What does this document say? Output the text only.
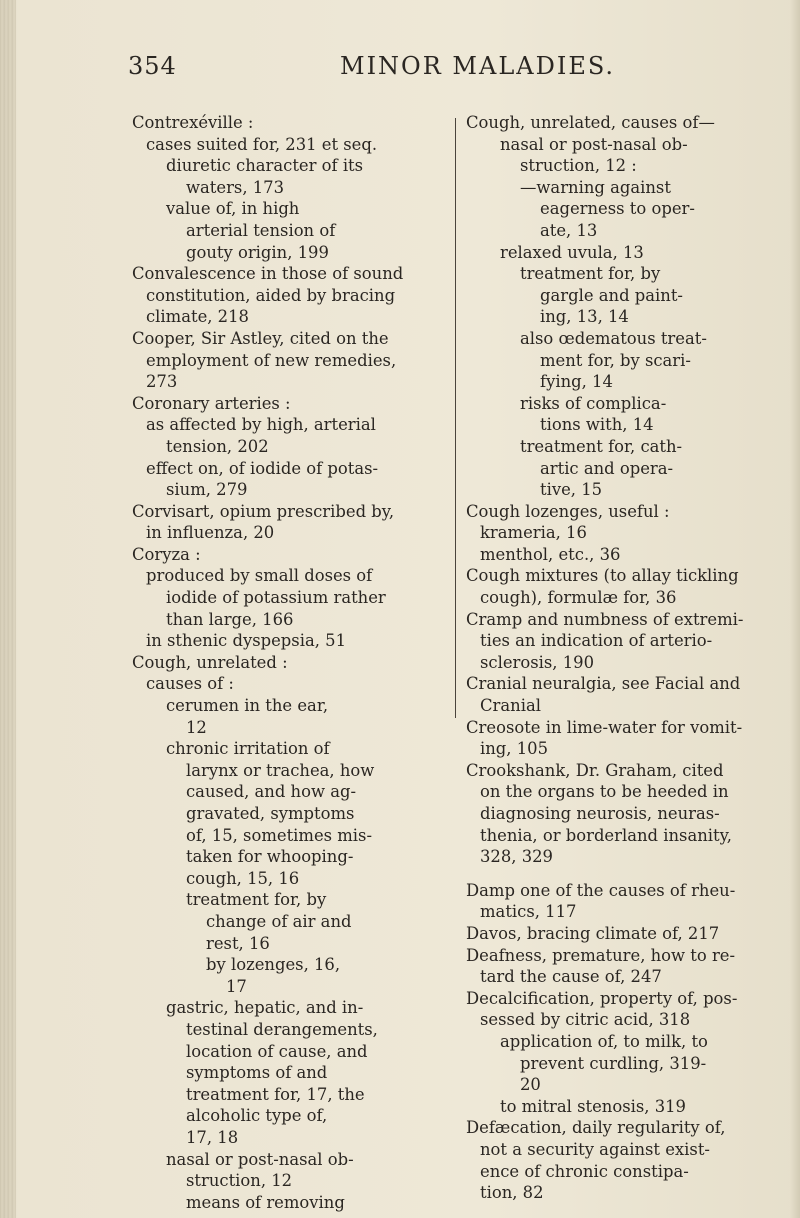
354	MINOR MALADIES.
Contrexéville :
cases suited for, 231 et seq.
diuretic character of its
waters, 173
value of, in high
arterial tension of
gouty origin, 199
Convalescence in those of sound
constitution, aided by bracing
climate, 218
Cooper, Sir Astley, cited on the
employment of new remedies,
273
Coronary arteries :
as affected by high, arterial
tension, 202
effect on, of iodide of potas-
sium, 279
Corvisart, opium prescribed by,
in influenza, 20
Coryza :
produced by small doses of
iodide of potassium rather
than large, 166
in sthenic dyspepsia, 51
Cough, unrelated :
causes of :
cerumen in the ear,
12
chronic irritation of
larynx or trachea, how
caused, and how ag-
gravated, symptoms
of, 15, sometimes mis-
taken for whooping-
cough, 15, 16
treatment for, by
change of air and
rest, 16
by lozenges, 16,
17
gastric, hepatic, and in-
testinal derangements,
location of cause, and
symptoms of and
treatment for, 17, the
alcoholic type of,
17, 18
nasal or post-nasal ob-
struction, 12
means of removing
Cough, unrelated, causes of—
nasal or post-nasal ob-
struction, 12 :
—warning against
eagerness to oper-
ate, 13
relaxed uvula, 13
treatment for, by
gargle and paint-
ing, 13, 14
also œdematous treat-
ment for, by scari-
fying, 14
risks of complica-
tions with, 14
treatment for, cath-
artic and opera-
tive, 15
Cough lozenges, useful :
krameria, 16
menthol, etc., 36
Cough mixtures (to allay tickling
cough), formulæ for, 36
Cramp and numbness of extremi-
ties an indication of arterio-
sclerosis, 190
Cranial neuralgia, see Facial and
Cranial
Creosote in lime-water for vomit-
ing, 105
Crookshank, Dr. Graham, cited
on the organs to be heeded in
diagnosing neurosis, neuras-
thenia, or borderland insanity,
328, 329
Damp one of the causes of rheu-
matics, 117
Davos, bracing climate of, 217
Deafness, premature, how to re-
tard the cause of, 247
Decalcification, property of, pos-
sessed by citric acid, 318
application of, to milk, to
prevent curdling, 319-
20
to mitral stenosis, 319
Defæcation, daily regularity of,
not a security against exist-
ence of chronic constipa-
tion, 82
